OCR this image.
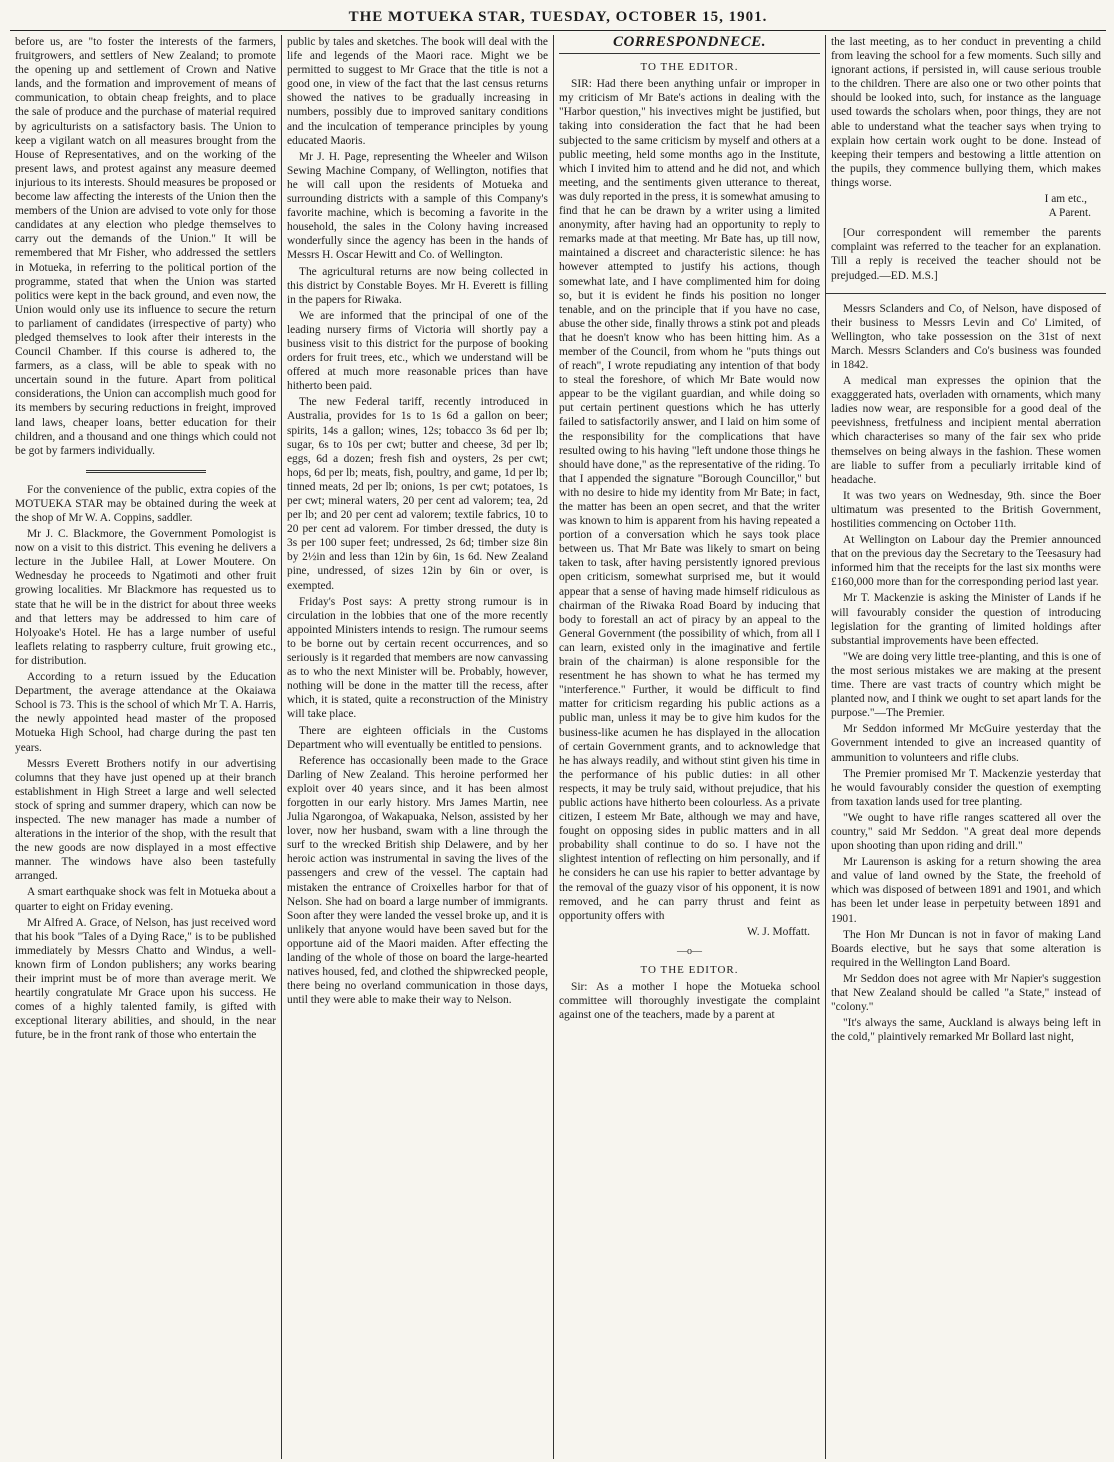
THE MOTUEKA STAR, TUESDAY, OCTOBER 15, 1901.

before us, are "to foster the interests of the farmers, fruitgrowers, and settlers of New Zealand; to promote the opening up and settlement of Crown and Native lands, and the formation and improvement of means of communication, to obtain cheap freights, and to place the sale of produce and the purchase of material required by agriculturists on a satisfactory basis. The Union to keep a vigilant watch on all measures brought from the House of Representatives, and on the working of the present laws, and protest against any measure deemed injurious to its interests. Should measures be proposed or become law affecting the interests of the Union then the members of the Union are advised to vote only for those candidates at any election who pledge themselves to carry out the demands of the Union." It will be remembered that Mr Fisher, who addressed the settlers in Motueka, in referring to the political portion of the programme, stated that when the Union was started politics were kept in the back ground, and even now, the Union would only use its influence to secure the return to parliament of candidates (irrespective of party) who pledged themselves to look after their interests in the Council Chamber. If this course is adhered to, the farmers, as a class, will be able to speak with no uncertain sound in the future. Apart from political considerations, the Union can accomplish much good for its members by securing reductions in freight, improved land laws, cheaper loans, better education for their children, and a thousand and one things which could not be got by farmers individually.

For the convenience of the public, extra copies of the MOTUEKA STAR may be obtained during the week at the shop of Mr W. A. Coppins, saddler.

Mr J. C. Blackmore, the Government Pomologist is now on a visit to this district. This evening he delivers a lecture in the Jubilee Hall, at Lower Moutere. On Wednesday he proceeds to Ngatimoti and other fruit growing localities. Mr Blackmore has requested us to state that he will be in the district for about three weeks and that letters may be addressed to him care of Holyoake's Hotel. He has a large number of useful leaflets relating to raspberry culture, fruit growing etc., for distribution.

According to a return issued by the Education Department, the average attendance at the Okaiawa School is 73. This is the school of which Mr T. A. Harris, the newly appointed head master of the proposed Motueka High School, had charge during the past ten years.

Messrs Everett Brothers notify in our advertising columns that they have just opened up at their branch establishment in High Street a large and well selected stock of spring and summer drapery, which can now be inspected. The new manager has made a number of alterations in the interior of the shop, with the result that the new goods are now displayed in a most effective manner. The windows have also been tastefully arranged.

A smart earthquake shock was felt in Motueka about a quarter to eight on Friday evening.

Mr Alfred A. Grace, of Nelson, has just received word that his book "Tales of a Dying Race," is to be published immediately by Messrs Chatto and Windus, a well-known firm of London publishers; any works bearing their imprint must be of more than average merit. We heartily congratulate Mr Grace upon his success. He comes of a highly talented family, is gifted with exceptional literary abilities, and should, in the near future, be in the front rank of those who entertain the

public by tales and sketches. The book will deal with the life and legends of the Maori race. Might we be permitted to suggest to Mr Grace that the title is not a good one, in view of the fact that the last census returns showed the natives to be gradually increasing in numbers, possibly due to improved sanitary conditions and the inculcation of temperance principles by young educated Maoris.

Mr J. H. Page, representing the Wheeler and Wilson Sewing Machine Company, of Wellington, notifies that he will call upon the residents of Motueka and surrounding districts with a sample of this Company's favorite machine, which is becoming a favorite in the household, the sales in the Colony having increased wonderfully since the agency has been in the hands of Messrs H. Oscar Hewitt and Co. of Wellington.

The agricultural returns are now being collected in this district by Constable Boyes. Mr H. Everett is filling in the papers for Riwaka.

We are informed that the principal of one of the leading nursery firms of Victoria will shortly pay a business visit to this district for the purpose of booking orders for fruit trees, etc., which we understand will be offered at much more reasonable prices than have hitherto been paid.

The new Federal tariff, recently introduced in Australia, provides for 1s to 1s 6d a gallon on beer; spirits, 14s a gallon; wines, 12s; tobacco 3s 6d per lb; sugar, 6s to 10s per cwt; butter and cheese, 3d per lb; eggs, 6d a dozen; fresh fish and oysters, 2s per cwt; hops, 6d per lb; meats, fish, poultry, and game, 1d per lb; tinned meats, 2d per lb; onions, 1s per cwt; potatoes, 1s per cwt; mineral waters, 20 per cent ad valorem; tea, 2d per lb; and 20 per cent ad valorem; textile fabrics, 10 to 20 per cent ad valorem. For timber dressed, the duty is 3s per 100 super feet; undressed, 2s 6d; timber size 8in by 2½in and less than 12in by 6in, 1s 6d. New Zealand pine, undressed, of sizes 12in by 6in or over, is exempted.

Friday's Post says: A pretty strong rumour is in circulation in the lobbies that one of the more recently appointed Ministers intends to resign. The rumour seems to be borne out by certain recent occurrences, and so seriously is it regarded that members are now canvassing as to who the next Minister will be. Probably, however, nothing will be done in the matter till the recess, after which, it is stated, quite a reconstruction of the Ministry will take place.

There are eighteen officials in the Customs Department who will eventually be entitled to pensions.

Reference has occasionally been made to the Grace Darling of New Zealand. This heroine performed her exploit over 40 years since, and it has been almost forgotten in our early history. Mrs James Martin, nee Julia Ngarongoa, of Wakapuaka, Nelson, assisted by her lover, now her husband, swam with a line through the surf to the wrecked British ship Delawere, and by her heroic action was instrumental in saving the lives of the passengers and crew of the vessel. The captain had mistaken the entrance of Croixelles harbor for that of Nelson. She had on board a large number of immigrants. Soon after they were landed the vessel broke up, and it is unlikely that anyone would have been saved but for the opportune aid of the Maori maiden. After effecting the landing of the whole of those on board the large-hearted natives housed, fed, and clothed the shipwrecked people, there being no overland communication in those days, until they were able to make their way to Nelson.

CORRESPONDNECE.
TO THE EDITOR.

SIR: Had there been anything unfair or improper in my criticism of Mr Bate's actions in dealing with the "Harbor question," his invectives might be justified, but taking into consideration the fact that he had been subjected to the same criticism by myself and others at a public meeting, held some months ago in the Institute, which I invited him to attend and he did not, and which meeting, and the sentiments given utterance to thereat, was duly reported in the press, it is somewhat amusing to find that he can be drawn by a writer using a limited anonymity, after having had an opportunity to reply to remarks made at that meeting. Mr Bate has, up till now, maintained a discreet and characteristic silence: he has however attempted to justify his actions, though somewhat late, and I have complimented him for doing so, but it is evident he finds his position no longer tenable, and on the principle that if you have no case, abuse the other side, finally throws a stink pot and pleads that he doesn't know who has been hitting him. As a member of the Council, from whom he "puts things out of reach", I wrote repudiating any intention of that body to steal the foreshore, of which Mr Bate would now appear to be the vigilant guardian, and while doing so put certain pertinent questions which he has utterly failed to satisfactorily answer, and I laid on him some of the responsibility for the complications that have resulted owing to his having "left undone those things he should have done," as the representative of the riding. To that I appended the signature "Borough Councillor," but with no desire to hide my identity from Mr Bate; in fact, the matter has been an open secret, and that the writer was known to him is apparent from his having repeated a portion of a conversation which he says took place between us. That Mr Bate was likely to smart on being taken to task, after having persistently ignored previous open criticism, somewhat surprised me, but it would appear that a sense of having made himself ridiculous as chairman of the Riwaka Road Board by inducing that body to forestall an act of piracy by an appeal to the General Government (the possibility of which, from all I can learn, existed only in the imaginative and fertile brain of the chairman) is alone responsible for the resentment he has shown to what he has termed my "interference." Further, it would be difficult to find matter for criticism regarding his public actions as a public man, unless it may be to give him kudos for the business-like acumen he has displayed in the allocation of certain Government grants, and to acknowledge that he has always readily, and without stint given his time in the performance of his public duties: in all other respects, it may be truly said, without prejudice, that his public actions have hitherto been colourless. As a private citizen, I esteem Mr Bate, although we may and have, fought on opposing sides in public matters and in all probability shall continue to do so. I have not the slightest intention of reflecting on him personally, and if he considers he can use his rapier to better advantage by the removal of the guazy visor of his opponent, it is now removed, and he can parry thrust and feint as opportunity offers with

W. J. Moffatt.
—o—
TO THE EDITOR.

Sir: As a mother I hope the Motueka school committee will thoroughly investigate the complaint against one of the teachers, made by a parent at

the last meeting, as to her conduct in preventing a child from leaving the school for a few moments. Such silly and ignorant actions, if persisted in, will cause serious trouble to the children. There are also one or two other points that should be looked into, such, for instance as the language used towards the scholars when, poor things, they are not able to understand what the teacher says when trying to explain how certain work ought to be done. Instead of keeping their tempers and bestowing a little attention on the pupils, they commence bullying them, which makes things worse.

I am etc.,
A Parent.

[Our correspondent will remember the parents complaint was referred to the teacher for an explanation. Till a reply is received the teacher should not be prejudged.—ED. M.S.]

Messrs Sclanders and Co, of Nelson, have disposed of their business to Messrs Levin and Co' Limited, of Wellington, who take possession on the 31st of next March. Messrs Sclanders and Co's business was founded in 1842.

A medical man expresses the opinion that the exagggerated hats, overladen with ornaments, which many ladies now wear, are responsible for a good deal of the peevishness, fretfulness and incipient mental aberration which characterises so many of the fair sex who pride themselves on being always in the fashion. These women are liable to suffer from a peculiarly irritable kind of headache.

It was two years on Wednesday, 9th. since the Boer ultimatum was presented to the British Government, hostilities commencing on October 11th.

At Wellington on Labour day the Premier announced that on the previous day the Secretary to the Teesasury had informed him that the receipts for the last six months were £160,000 more than for the corresponding period last year.

Mr T. Mackenzie is asking the Minister of Lands if he will favourably consider the question of introducing legislation for the granting of limited holdings after substantial improvements have been effected.

"We are doing very little tree-planting, and this is one of the most serious mistakes we are making at the present time. There are vast tracts of country which might be planted now, and I think we ought to set apart lands for the purpose."—The Premier.

Mr Seddon informed Mr McGuire yesterday that the Government intended to give an increased quantity of ammunition to volunteers and rifle clubs.

The Premier promised Mr T. Mackenzie yesterday that he would favourably consider the question of exempting from taxation lands used for tree planting.

"We ought to have rifle ranges scattered all over the country," said Mr Seddon. "A great deal more depends upon shooting than upon riding and drill."

Mr Laurenson is asking for a return showing the area and value of land owned by the State, the freehold of which was disposed of between 1891 and 1901, and which has been let under lease in perpetuity between 1891 and 1901.

The Hon Mr Duncan is not in favor of making Land Boards elective, but he says that some alteration is required in the Wellington Land Board.

Mr Seddon does not agree with Mr Napier's suggestion that New Zealand should be called "a State," instead of "colony."

"It's always the same, Auckland is always being left in the cold," plaintively remarked Mr Bollard last night,
